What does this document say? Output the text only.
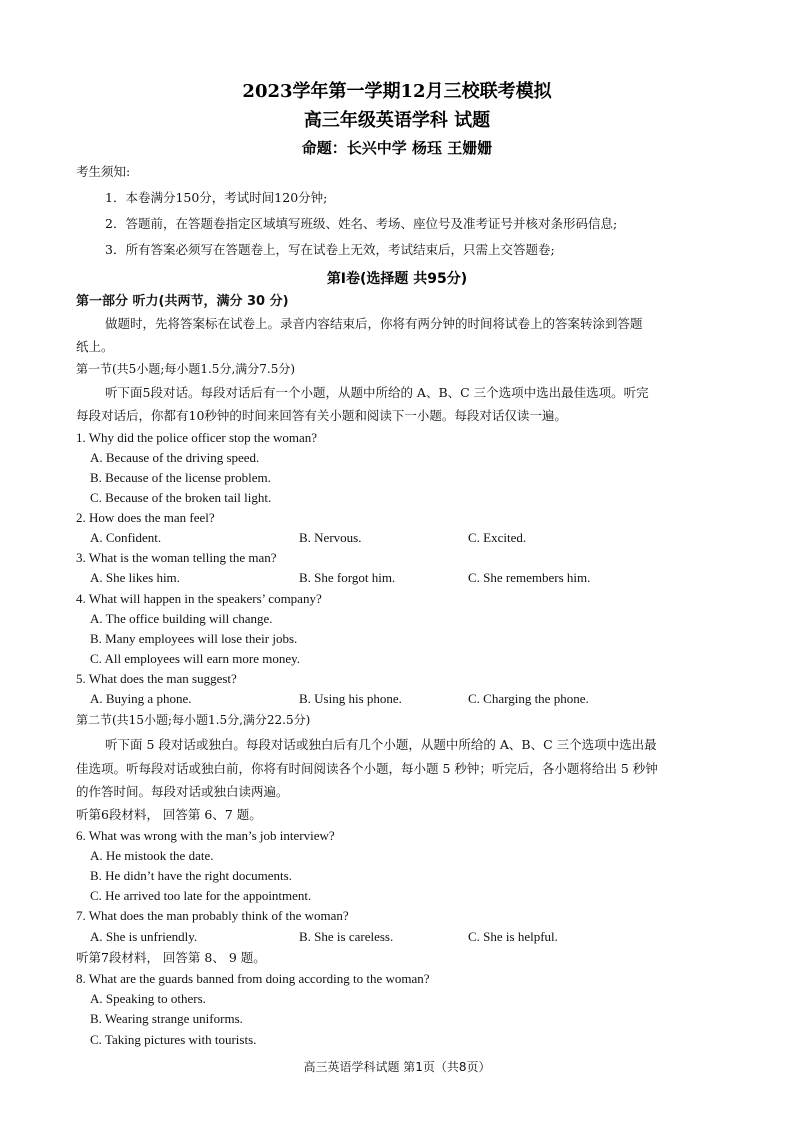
2023学年第一学期12月三校联考模拟
高三年级英语学科 试题
命题：长兴中学 杨珏 王姗姗
考生须知:
1．本卷满分150分，考试时间120分钟;
2．答题前，在答题卷指定区域填写班级、姓名、考场、座位号及准考证号并核对条形码信息;
3．所有答案必须写在答题卷上，写在试卷上无效，考试结束后，只需上交答题卷;
第Ⅰ卷(选择题 共95分)
第一部分 听力(共两节，满分 30 分)
做题时，先将答案标在试卷上。录音内容结束后，你将有两分钟的时间将试卷上的答案转涂到答题
纸上。
第一节(共5小题;每小题1.5分,满分7.5分)
听下面5段对话。每段对话后有一个小题，从题中所给的 A、B、C 三个选项中选出最佳选项。听完
每段对话后，你都有10秒钟的时间来回答有关小题和阅读下一小题。每段对话仅读一遍。
1. Why did the police officer stop the woman?
A. Because of the driving speed.
B. Because of the license problem.
C. Because of the broken tail light.
2. How does the man feel?
A. Confident.	B. Nervous.	C. Excited.
3. What is the woman telling the man?
A. She likes him.	B. She forgot him.	C. She remembers him.
4. What will happen in the speakers’ company?
A. The office building will change.
B. Many employees will lose their jobs.
C. All employees will earn more money.
5. What does the man suggest?
A. Buying a phone.	B. Using his phone.	C. Charging the phone.
第二节(共15小题;每小题1.5分,满分22.5分)
听下面 5 段对话或独白。每段对话或独白后有几个小题，从题中所给的 A、B、C 三个选项中选出最
佳选项。听每段对话或独白前，你将有时间阅读各个小题，每小题 5 秒钟；听完后，各小题将给出 5 秒钟
的作答时间。每段对话或独白读两遍。
听第6段材料， 回答第 6、7 题。
6. What was wrong with the man’s job interview?
A. He mistook the date.
B. He didn’t have the right documents.
C. He arrived too late for the appointment.
7. What does the man probably think of the woman?
A. She is unfriendly.	B. She is careless.	C. She is helpful.
听第7段材料， 回答第 8、 9 题。
8. What are the guards banned from doing according to the woman?
A. Speaking to others.
B. Wearing strange uniforms.
C. Taking pictures with tourists.
高三英语学科试题 第1页（共8页）
